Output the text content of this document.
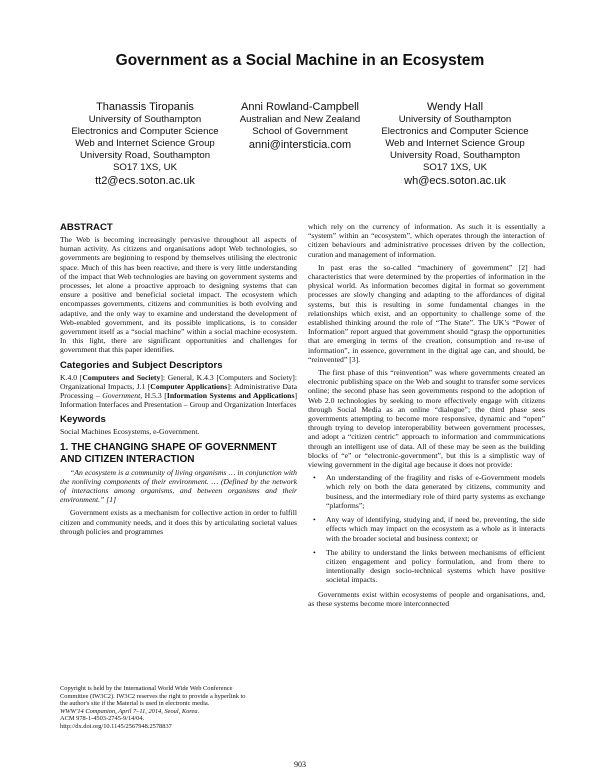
Government as a Social Machine in an Ecosystem
Thanassis Tiropanis
University of Southampton
Electronics and Computer Science
Web and Internet Science Group
University Road, Southampton
SO17 1XS, UK
tt2@ecs.soton.ac.uk
Anni Rowland-Campbell
Australian and New Zealand
School of Government
anni@intersticia.com
Wendy Hall
University of Southampton
Electronics and Computer Science
Web and Internet Science Group
University Road, Southampton
SO17 1XS, UK
wh@ecs.soton.ac.uk
ABSTRACT

The Web is becoming increasingly pervasive throughout all aspects of human activity. As citizens and organisations adopt Web technologies, so governments are beginning to respond by themselves utilising the electronic space. Much of this has been reactive, and there is very little understanding of the impact that Web technologies are having on government systems and processes, let alone a proactive approach to designing systems that can ensure a positive and beneficial societal impact. The ecosystem which encompasses governments, citizens and communities is both evolving and adaptive, and the only way to examine and understand the development of Web-enabled government, and its possible implications, is to consider government itself as a “social machine” within a social machine ecosystem. In this light, there are significant opportunities and challenges for government that this paper identifies.

Categories and Subject Descriptors

K.4.0 [Computers and Society]: General, K.4.3 [Computers and Society]: Organizational Impacts, J.1 [Computer Applications]: Administrative Data Processing – Government, H.5.3 [Information Systems and Applications] Information Interfaces and Presentation – Group and Organization Interfaces

Keywords

Social Machines Ecosystems, e-Government.

1. THE CHANGING SHAPE OF GOVERNMENT AND CITIZEN INTERACTION

“An ecosystem is a community of living organisms … in conjunction with the nonliving components of their environment. … (Defined by the network of interactions among organisms, and between organisms and their environment.” [1]

Government exists as a mechanism for collective action in order to fulfill citizen and community needs, and it does this by articulating societal values through policies and programmes

Copyright is held by the International World Wide Web Conference
Committee (IW3C2). IW3C2 reserves the right to provide a hyperlink to
the author's site if the Material is used in electronic media.
WWW'14 Companion, April 7–11, 2014, Seoul, Korea.
ACM 978-1-4503-2745-9/14/04.
http://dx.doi.org/10.1145/2567948.2578837

which rely on the currency of information. As such it is essentially a “system” within an “ecosystem”, which operates through the interaction of citizen behaviours and administrative processes driven by the collection, curation and management of information.

In past eras the so-called “machinery of government” [2] had characteristics that were determined by the properties of information in the physical world. As information becomes digital in format so government processes are slowly changing and adapting to the affordances of digital systems, but this is resulting in some fundamental changes in the relationships which exist, and an opportunity to challenge some of the established thinking around the role of “The State”. The UK’s “Power of Information” report argued that government should “grasp the opportunities that are emerging in terms of the creation, consumption and re-use of information”, in essence, government in the digital age can, and should, be “reinvented” [3].

The first phase of this “reinvention” was where governments created an electronic publishing space on the Web and sought to transfer some services online; the second phase has seen governments respond to the adoption of Web 2.0 technologies by seeking to more effectively engage with citizens through Social Media as an online “dialogue”; the third phase sees governments attempting to become more responsive, dynamic and “open” through trying to develop interoperability between government processes, and adopt a “citizen centric” approach to information and communications through an intelligent use of data. All of these may be seen as the building blocks of “e” or “electronic-government”, but this is a simplistic way of viewing government in the digital age because it does not provide:

• An understanding of the fragility and risks of e-Government models which rely on both the data generated by citizens, community and business, and the intermediary role of third party systems as exchange “platforms”;
• Any way of identifying, studying and, if need be, preventing, the side effects which may impact on the ecosystem as a whole as it interacts with the broader societal and business context; or
• The ability to understand the links between mechanisms of efficient citizen engagement and policy formulation, and from there to intentionally design socio-technical systems which have positive societal impacts.

Governments exist within ecosystems of people and organisations, and, as these systems become more interconnected

903
